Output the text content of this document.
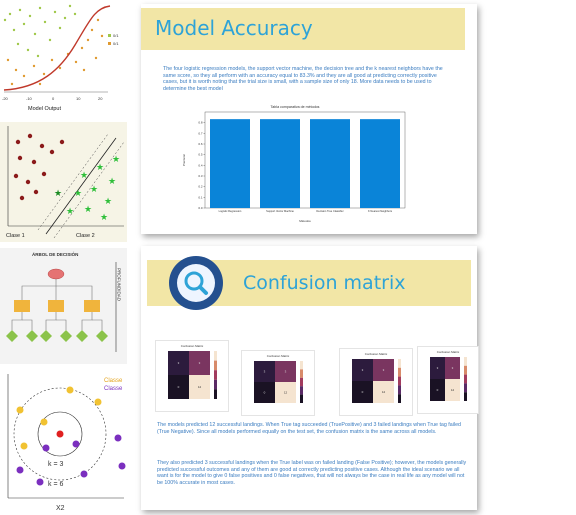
0/1
0/1
-20	-10	0	10	20
Model Output
★
★
★
★ ★
★
★ ★
★
★
★
Clase 1	Clase 2
ÁRBOL DE DECISIÓN
PROFUNDIDAD
Classe
Classe
k = 3
k = 6
X2
Model Accuracy
The four logistic regression models, the support vector machine, the decision tree and the k nearest neighbors have the same score, so they all perform with an accuracy equal to 83.3% and they are all good at predicting correctly positive cases, but it is worth noting that the trial size is small, with a sample size of only 18. More data needs to be used to determine the best model
Tabla comparativa de métodos
0.0
0.1
0.2
0.3
0.4
0.5
0.6
0.7
0.8
Logistic Regression	Support Vector Machine	Decision Tree Classifier	K Nearest Neighbors
Métodos
Precisión
Confusion matrix
Confusion Matrix
3	3
0	12
Confusion Matrix
3	3
0	12
Confusion Matrix
3	3
0	12
Confusion Matrix
3	3
0	12
The models predicted 12 successful landings. When True tag succeeded (TruePositive) and 3 failed landings when True tag failed (True Negative). Since all models performed equally on the test set, the confusion matrix is the same across all models.
They also predicted 3 successful landings when the True label was on failed landing (False Positive); however, the models generally predicted successful outcomes and any of them are good at correctly predicting positive cases. Although the ideal scenario we all want is for the model to give 0 false positives and 0 false negatives, that will not always be the case in real life as any model will not be 100% accurate in most cases.
